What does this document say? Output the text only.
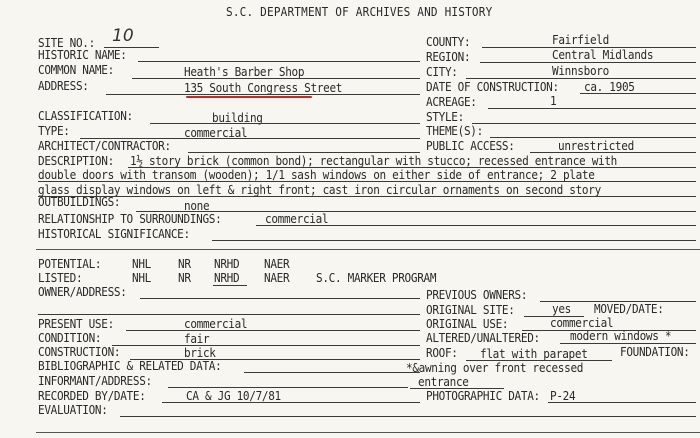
S.C. DEPARTMENT OF ARCHIVES AND HISTORY
SITE NO.: 10
HISTORIC NAME:
COMMON NAME:	Heath's Barber Shop
ADDRESS:	135 South Congress Street
COUNTY:	Fairfield
REGION:	Central Midlands
CITY:	Winnsboro
DATE OF CONSTRUCTION: ca. 1905
ACREAGE:	1
STYLE:
THEME(S):
PUBLIC ACCESS:	unrestricted
CLASSIFICATION:	building
TYPE:	commercial
ARCHITECT/CONTRACTOR:
DESCRIPTION: 1½ story brick (common bond); rectangular with stucco; recessed entrance with
double doors with transom (wooden); 1/1 sash windows on either side of entrance; 2 plate
glass display windows on left & right front; cast iron circular ornaments on second story
OUTBUILDINGS:	none
RELATIONSHIP TO SURROUNDINGS:	commercial
HISTORICAL SIGNIFICANCE:
POTENTIAL:	NHL NR NRHD NAER
LISTED:	NHL NR NRHD NAER S.C. MARKER PROGRAM
OWNER/ADDRESS:	PREVIOUS OWNERS:
ORIGINAL SITE:	yes MOVED/DATE:
PRESENT USE:	commercial	ORIGINAL USE:	commercial
CONDITION:	fair	ALTERED/UNALTERED:	modern windows *
CONSTRUCTION:	brick	ROOF: flat with parapet	FOUNDATION:
BIBLIOGRAPHIC & RELATED DATA:	*&awning over front recessed
entrance
INFORMANT/ADDRESS:
RECORDED BY/DATE:	CA & JG 10/7/81	PHOTOGRAPHIC DATA: P-24
EVALUATION:
